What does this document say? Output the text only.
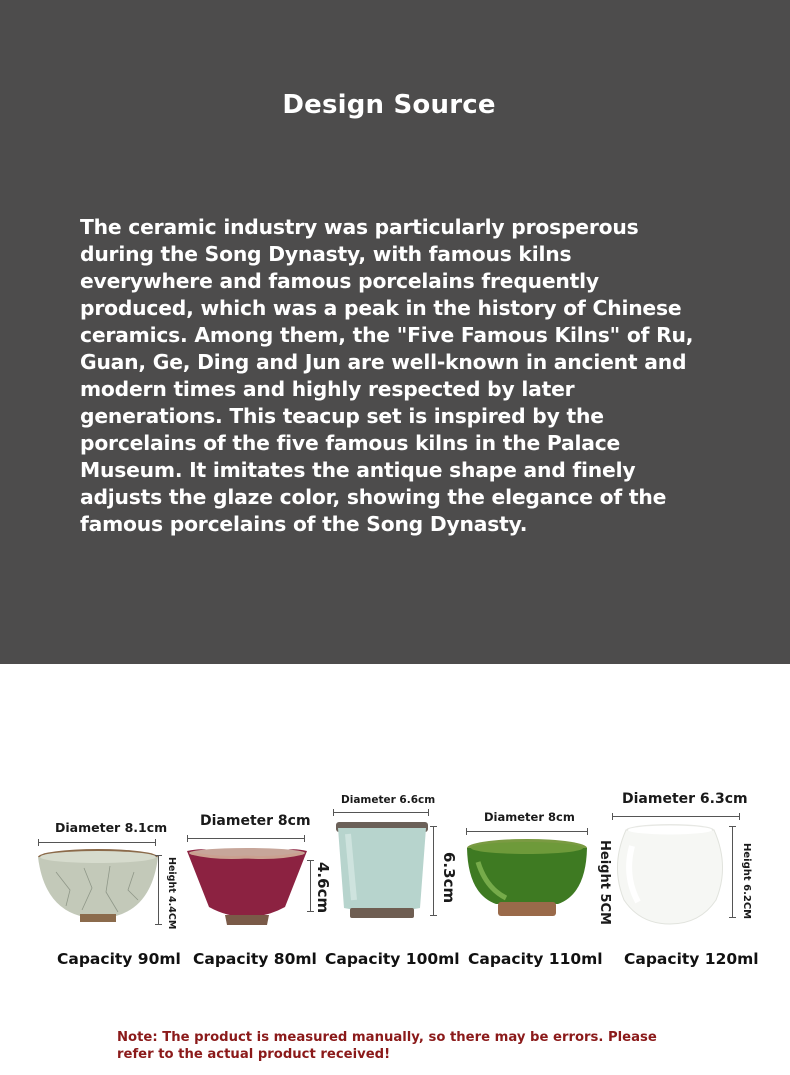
Design Source
The ceramic industry was particularly prosperous during the Song Dynasty, with famous kilns everywhere and famous porcelains frequently produced, which was a peak in the history of Chinese ceramics. Among them, the "Five Famous Kilns" of Ru, Guan, Ge, Ding and Jun are well-known in ancient and modern times and highly respected by later generations. This teacup set is inspired by the porcelains of the five famous kilns in the Palace Museum. It imitates the antique shape and finely adjusts the glaze color, showing the elegance of the famous porcelains of the Song Dynasty.
Diameter 8.1cm
Height 4.4CM
Capacity 90ml
Diameter 8cm
4.6cm
Capacity 80ml
Diameter 6.6cm
6.3cm
Capacity 100ml
Diameter 8cm
Height 5CM
Capacity 110ml
Diameter 6.3cm
Height 6.2CM
Capacity 120ml
Note: The product is measured manually, so there may be errors. Please refer to the actual product received!
